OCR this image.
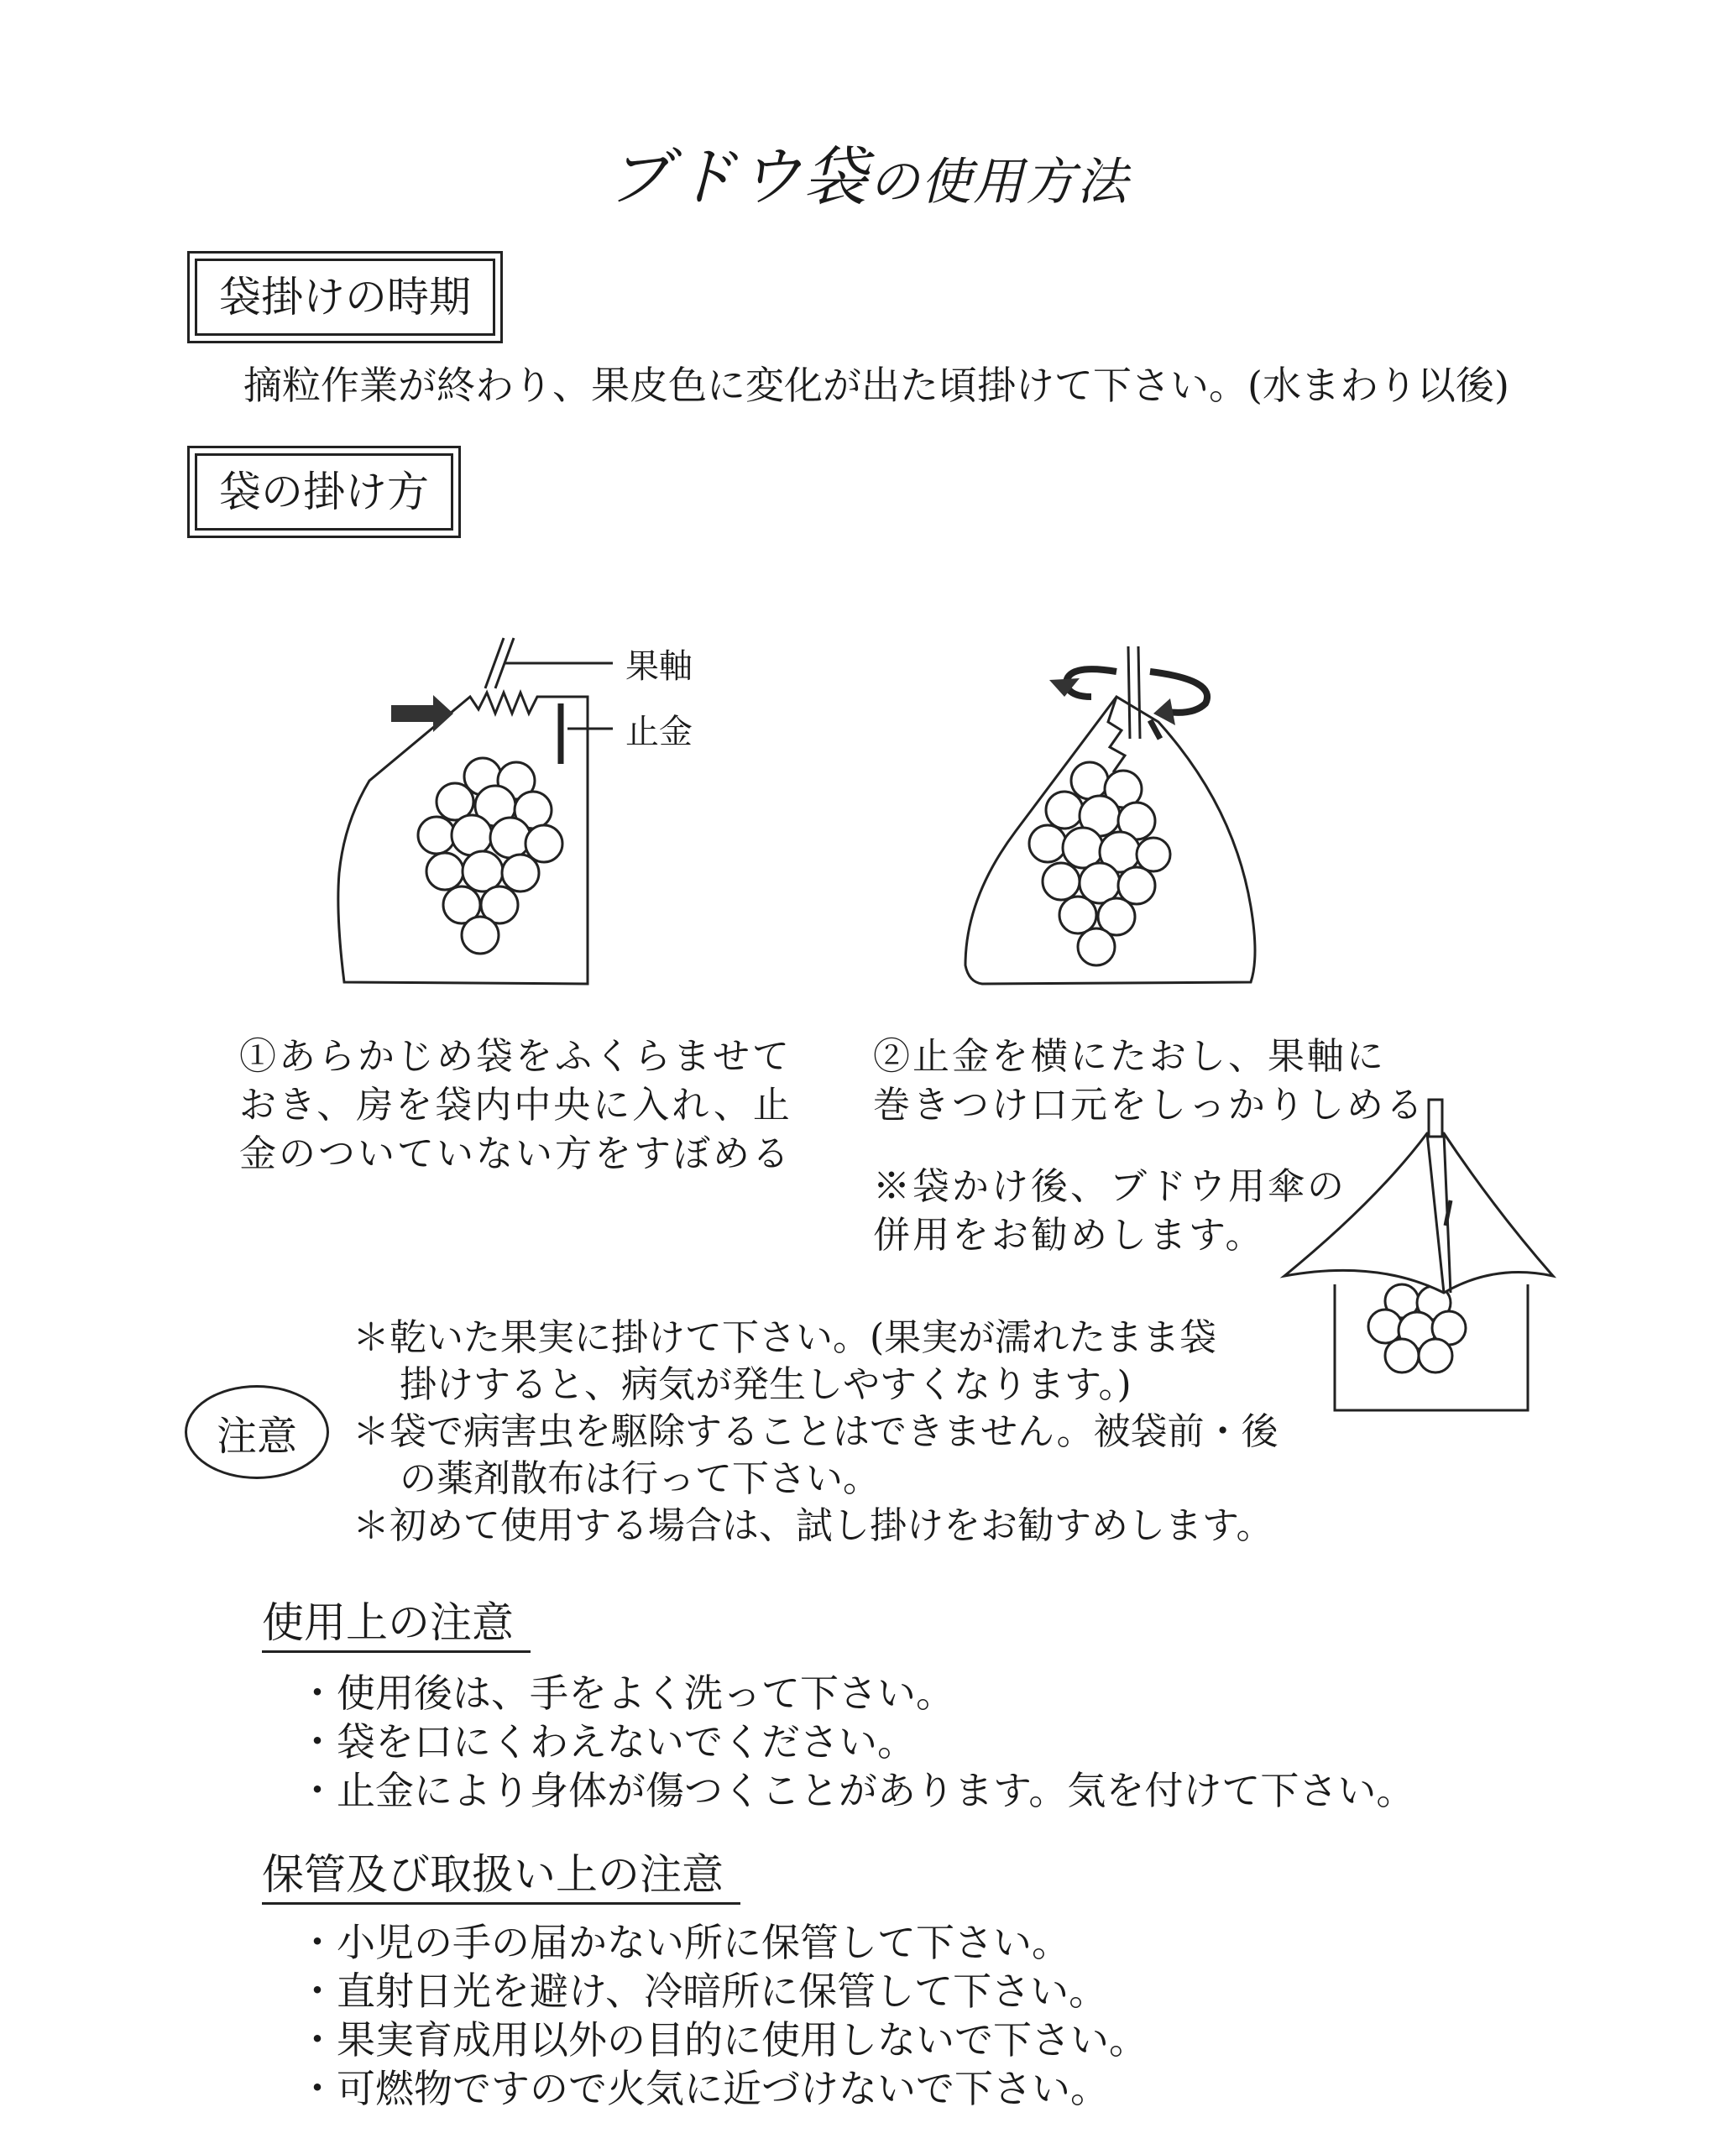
ブドウ袋の使用方法
袋掛けの時期
摘粒作業が終わり、果皮色に変化が出た頃掛けて下さい。(水まわり以後)
袋の掛け方
果軸
止金
①あらかじめ袋をふくらませて
おき、房を袋内中央に入れ、止
金のついていない方をすぼめる
②止金を横にたおし、果軸に
巻きつけ口元をしっかりしめる
※袋かけ後、ブドウ用傘の
併用をお勧めします。
注意
＊乾いた果実に掛けて下さい。(果実が濡れたまま袋
掛けすると、病気が発生しやすくなります。)
＊袋で病害虫を駆除することはできません。被袋前・後
の薬剤散布は行って下さい。
＊初めて使用する場合は、試し掛けをお勧すめします。
使用上の注意
・使用後は、手をよく洗って下さい。
・袋を口にくわえないでください。
・止金により身体が傷つくことがあります。気を付けて下さい。
保管及び取扱い上の注意
・小児の手の届かない所に保管して下さい。
・直射日光を避け、冷暗所に保管して下さい。
・果実育成用以外の目的に使用しないで下さい。
・可燃物ですので火気に近づけないで下さい。
